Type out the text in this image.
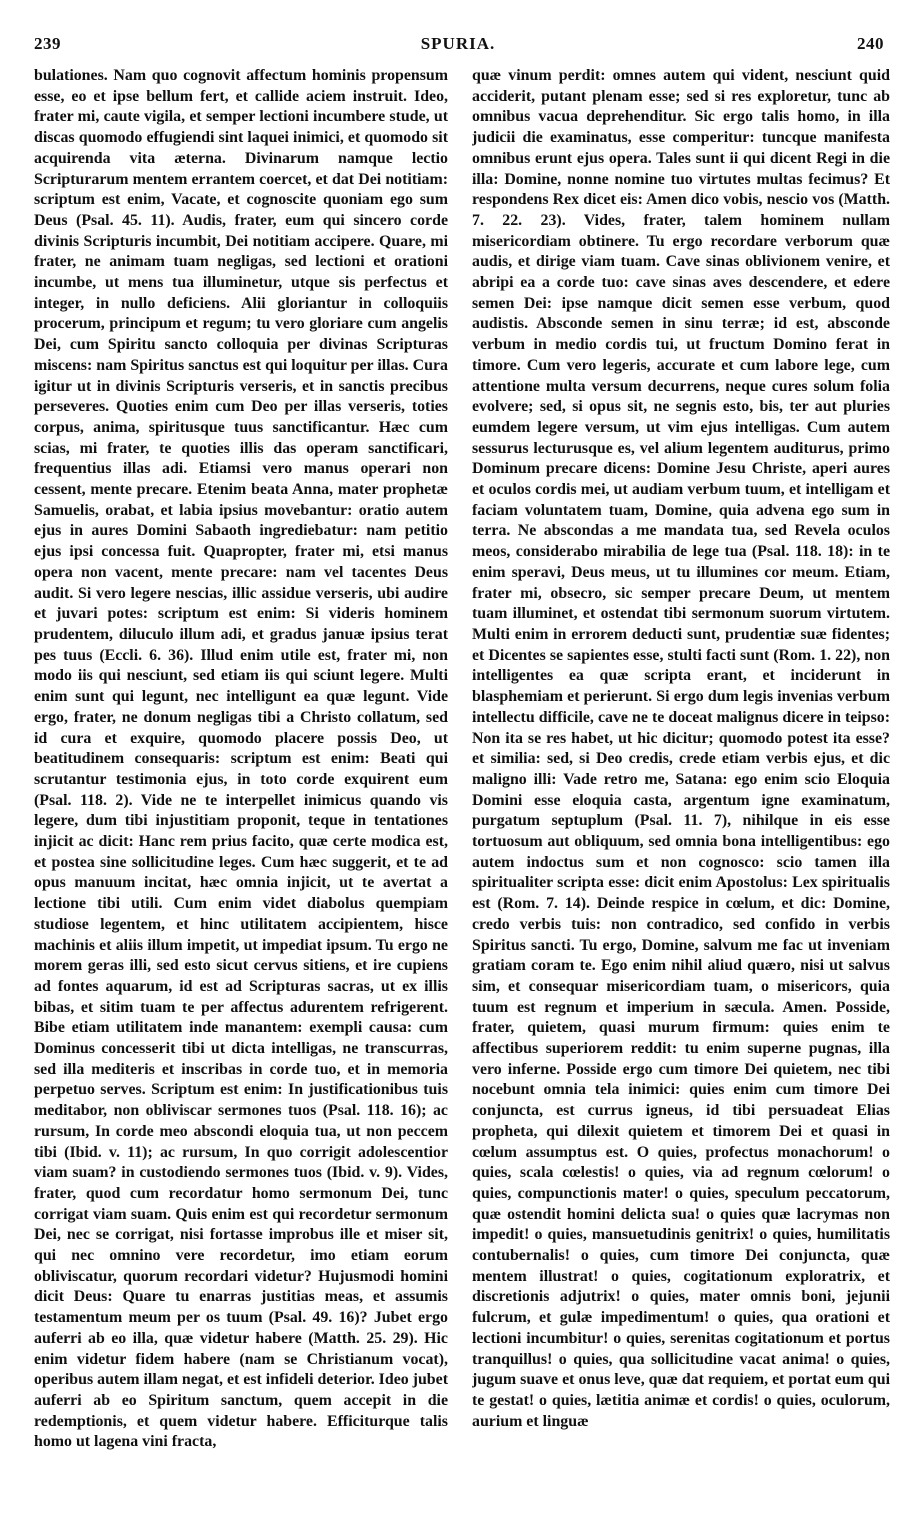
239	SPURIA.	240

bulationes. Nam quo cognovit affectum hominis propensum esse, eo et ipse bellum fert, et callide aciem instruit. Ideo, frater mi, caute vigila, et semper lectioni incumbere stude, ut discas quomodo effugiendi sint laquei inimici, et quomodo sit acquirenda vita æterna. Divinarum namque lectio Scripturarum mentem errantem coercet, et dat Dei notitiam: scriptum est enim, Vacate, et cognoscite quoniam ego sum Deus (Psal. 45. 11). Audis, frater, eum qui sincero corde divinis Scripturis incumbit, Dei notitiam accipere. Quare, mi frater, ne animam tuam negligas, sed lectioni et orationi incumbe, ut mens tua illuminetur, utque sis perfectus et integer, in nullo deficiens. Alii gloriantur in colloquiis procerum, principum et regum; tu vero gloriare cum angelis Dei, cum Spiritu sancto colloquia per divinas Scripturas miscens: nam Spiritus sanctus est qui loquitur per illas. Cura igitur ut in divinis Scripturis verseris, et in sanctis precibus perseveres. Quoties enim cum Deo per illas verseris, toties corpus, anima, spiritusque tuus sanctificantur. Hæc cum scias, mi frater, te quoties illis das operam sanctificari, frequentius illas adi. Etiamsi vero manus operari non cessent, mente precare. Etenim beata Anna, mater prophetæ Samuelis, orabat, et labia ipsius movebantur: oratio autem ejus in aures Domini Sabaoth ingrediebatur: nam petitio ejus ipsi concessa fuit. Quapropter, frater mi, etsi manus opera non vacent, mente precare: nam vel tacentes Deus audit. Si vero legere nescias, illic assidue verseris, ubi audire et juvari potes: scriptum est enim: Si videris hominem prudentem, diluculo illum adi, et gradus januæ ipsius terat pes tuus (Eccli. 6. 36). Illud enim utile est, frater mi, non modo iis qui nesciunt, sed etiam iis qui sciunt legere. Multi enim sunt qui legunt, nec intelligunt ea quæ legunt. Vide ergo, frater, ne donum negligas tibi a Christo collatum, sed id cura et exquire, quomodo placere possis Deo, ut beatitudinem consequaris: scriptum est enim: Beati qui scrutantur testimonia ejus, in toto corde exquirent eum (Psal. 118. 2). Vide ne te interpellet inimicus quando vis legere, dum tibi injustitiam proponit, teque in tentationes injicit ac dicit: Hanc rem prius facito, quæ certe modica est, et postea sine sollicitudine leges. Cum hæc suggerit, et te ad opus manuum incitat, hæc omnia injicit, ut te avertat a lectione tibi utili. Cum enim videt diabolus quempiam studiose legentem, et hinc utilitatem accipientem, hisce machinis et aliis illum impetit, ut impediat ipsum. Tu ergo ne morem geras illi, sed esto sicut cervus sitiens, et ire cupiens ad fontes aquarum, id est ad Scripturas sacras, ut ex illis bibas, et sitim tuam te per affectus adurentem refrigerent. Bibe etiam utilitatem inde manantem: exempli causa: cum Dominus concesserit tibi ut dicta intelligas, ne transcurras, sed illa mediteris et inscribas in corde tuo, et in memoria perpetuo serves. Scriptum est enim: In justificationibus tuis meditabor, non obliviscar sermones tuos (Psal. 118. 16); ac rursum, In corde meo abscondi eloquia tua, ut non peccem tibi (Ibid. v. 11); ac rursum, In quo corrigit adolescentior viam suam? in custodiendo sermones tuos (Ibid. v. 9). Vides, frater, quod cum recordatur homo sermonum Dei, tunc corrigat viam suam. Quis enim est qui recordetur sermonum Dei, nec se corrigat, nisi fortasse improbus ille et miser sit, qui nec omnino vere recordetur, imo etiam eorum obliviscatur, quorum recordari videtur? Hujusmodi homini dicit Deus: Quare tu enarras justitias meas, et assumis testamentum meum per os tuum (Psal. 49. 16)? Jubet ergo auferri ab eo illa, quæ videtur habere (Matth. 25. 29). Hic enim videtur fidem habere (nam se Christianum vocat), operibus autem illam negat, et est infideli deterior. Ideo jubet auferri ab eo Spiritum sanctum, quem accepit in die redemptionis, et quem videtur habere. Efficiturque talis homo ut lagena vini fracta,

quæ vinum perdit: omnes autem qui vident, nesciunt quid acciderit, putant plenam esse; sed si res exploretur, tunc ab omnibus vacua deprehenditur. Sic ergo talis homo, in illa judicii die examinatus, esse comperitur: tuncque manifesta omnibus erunt ejus opera. Tales sunt ii qui dicent Regi in die illa: Domine, nonne nomine tuo virtutes multas fecimus? Et respondens Rex dicet eis: Amen dico vobis, nescio vos (Matth. 7. 22. 23). Vides, frater, talem hominem nullam misericordiam obtinere. Tu ergo recordare verborum quæ audis, et dirige viam tuam. Cave sinas oblivionem venire, et abripi ea a corde tuo: cave sinas aves descendere, et edere semen Dei: ipse namque dicit semen esse verbum, quod audistis. Absconde semen in sinu terræ; id est, absconde verbum in medio cordis tui, ut fructum Domino ferat in timore. Cum vero legeris, accurate et cum labore lege, cum attentione multa versum decurrens, neque cures solum folia evolvere; sed, si opus sit, ne segnis esto, bis, ter aut pluries eumdem legere versum, ut vim ejus intelligas. Cum autem sessurus lecturusque es, vel alium legentem auditurus, primo Dominum precare dicens: Domine Jesu Christe, aperi aures et oculos cordis mei, ut audiam verbum tuum, et intelligam et faciam voluntatem tuam, Domine, quia advena ego sum in terra. Ne abscondas a me mandata tua, sed Revela oculos meos, considerabo mirabilia de lege tua (Psal. 118. 18): in te enim speravi, Deus meus, ut tu illumines cor meum. Etiam, frater mi, obsecro, sic semper precare Deum, ut mentem tuam illuminet, et ostendat tibi sermonum suorum virtutem. Multi enim in errorem deducti sunt, prudentiæ suæ fidentes; et Dicentes se sapientes esse, stulti facti sunt (Rom. 1. 22), non intelligentes ea quæ scripta erant, et inciderunt in blasphemiam et perierunt. Si ergo dum legis invenias verbum intellectu difficile, cave ne te doceat malignus dicere in teipso: Non ita se res habet, ut hic dicitur; quomodo potest ita esse? et similia: sed, si Deo credis, crede etiam verbis ejus, et dic maligno illi: Vade retro me, Satana: ego enim scio Eloquia Domini esse eloquia casta, argentum igne examinatum, purgatum septuplum (Psal. 11. 7), nihilque in eis esse tortuosum aut obliquum, sed omnia bona intelligentibus: ego autem indoctus sum et non cognosco: scio tamen illa spiritualiter scripta esse: dicit enim Apostolus: Lex spiritualis est (Rom. 7. 14). Deinde respice in cœlum, et dic: Domine, credo verbis tuis: non contradico, sed confido in verbis Spiritus sancti. Tu ergo, Domine, salvum me fac ut inveniam gratiam coram te. Ego enim nihil aliud quæro, nisi ut salvus sim, et consequar misericordiam tuam, o misericors, quia tuum est regnum et imperium in sæcula. Amen. Posside, frater, quietem, quasi murum firmum: quies enim te affectibus superiorem reddit: tu enim superne pugnas, illa vero inferne. Possidе ergo cum timore Dei quietem, nec tibi nocebunt omnia tela inimici: quies enim cum timore Dei conjuncta, est currus igneus, id tibi persuadeat Elias propheta, qui dilexit quietem et timorem Dei et quasi in cœlum assumptus est. O quies, profectus monachorum! o quies, scala cœlestis! o quies, via ad regnum cœlorum! o quies, compunctionis mater! o quies, speculum peccatorum, quæ ostendit homini delicta sua! o quies quæ lacrymas non impedit! o quies, mansuetudinis genitrix! o quies, humilitatis contubernalis! o quies, cum timore Dei conjuncta, quæ mentem illustrat! o quies, cogitationum exploratrix, et discretionis adjutrix! o quies, mater omnis boni, jejunii fulcrum, et gulæ impedimentum! o quies, qua orationi et lectioni incumbitur! o quies, serenitas cogitationum et portus tranquillus! o quies, qua sollicitudine vacat anima! o quies, jugum suave et onus leve, quæ dat requiem, et portat eum qui te gestat! o quies, lætitia animæ et cordis! o quies, oculorum, aurium et linguæ
